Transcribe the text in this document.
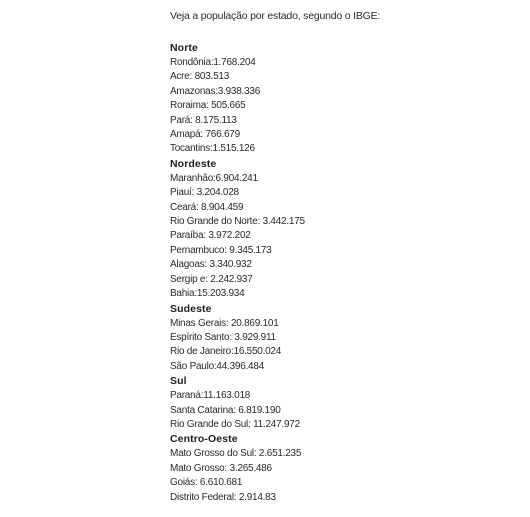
Veja a população por estado, segundo o IBGE:

Norte
Rondônia:1.768.204
Acre: 803.513
Amazonas:3.938.336
Roraima: 505.665
Pará: 8.175.113
Amapá: 766.679
Tocantins:1.515.126
Nordeste
Maranhão:6.904.241
Piauí: 3.204.028
Ceará: 8.904.459
Rio Grande do Norte: 3.442.175
Paraíba: 3.972.202
Pernambuco: 9.345.173
Alagoas: 3.340.932
Sergip e: 2.242.937
Bahia:15.203.934
Sudeste
Minas Gerais: 20.869.101
Espírito Santo: 3.929.911
Rio de Janeiro:16.550.024
São Paulo:44.396.484
Sul
Paraná:11.163.018
Santa Catarina: 6.819.190
Rio Grande do Sul: 11.247.972
Centro-Oeste
Mato Grosso do Sul: 2.651.235
Mato Grosso: 3.265.486
Goiás: 6.610.681
Distrito Federal: 2.914.83
